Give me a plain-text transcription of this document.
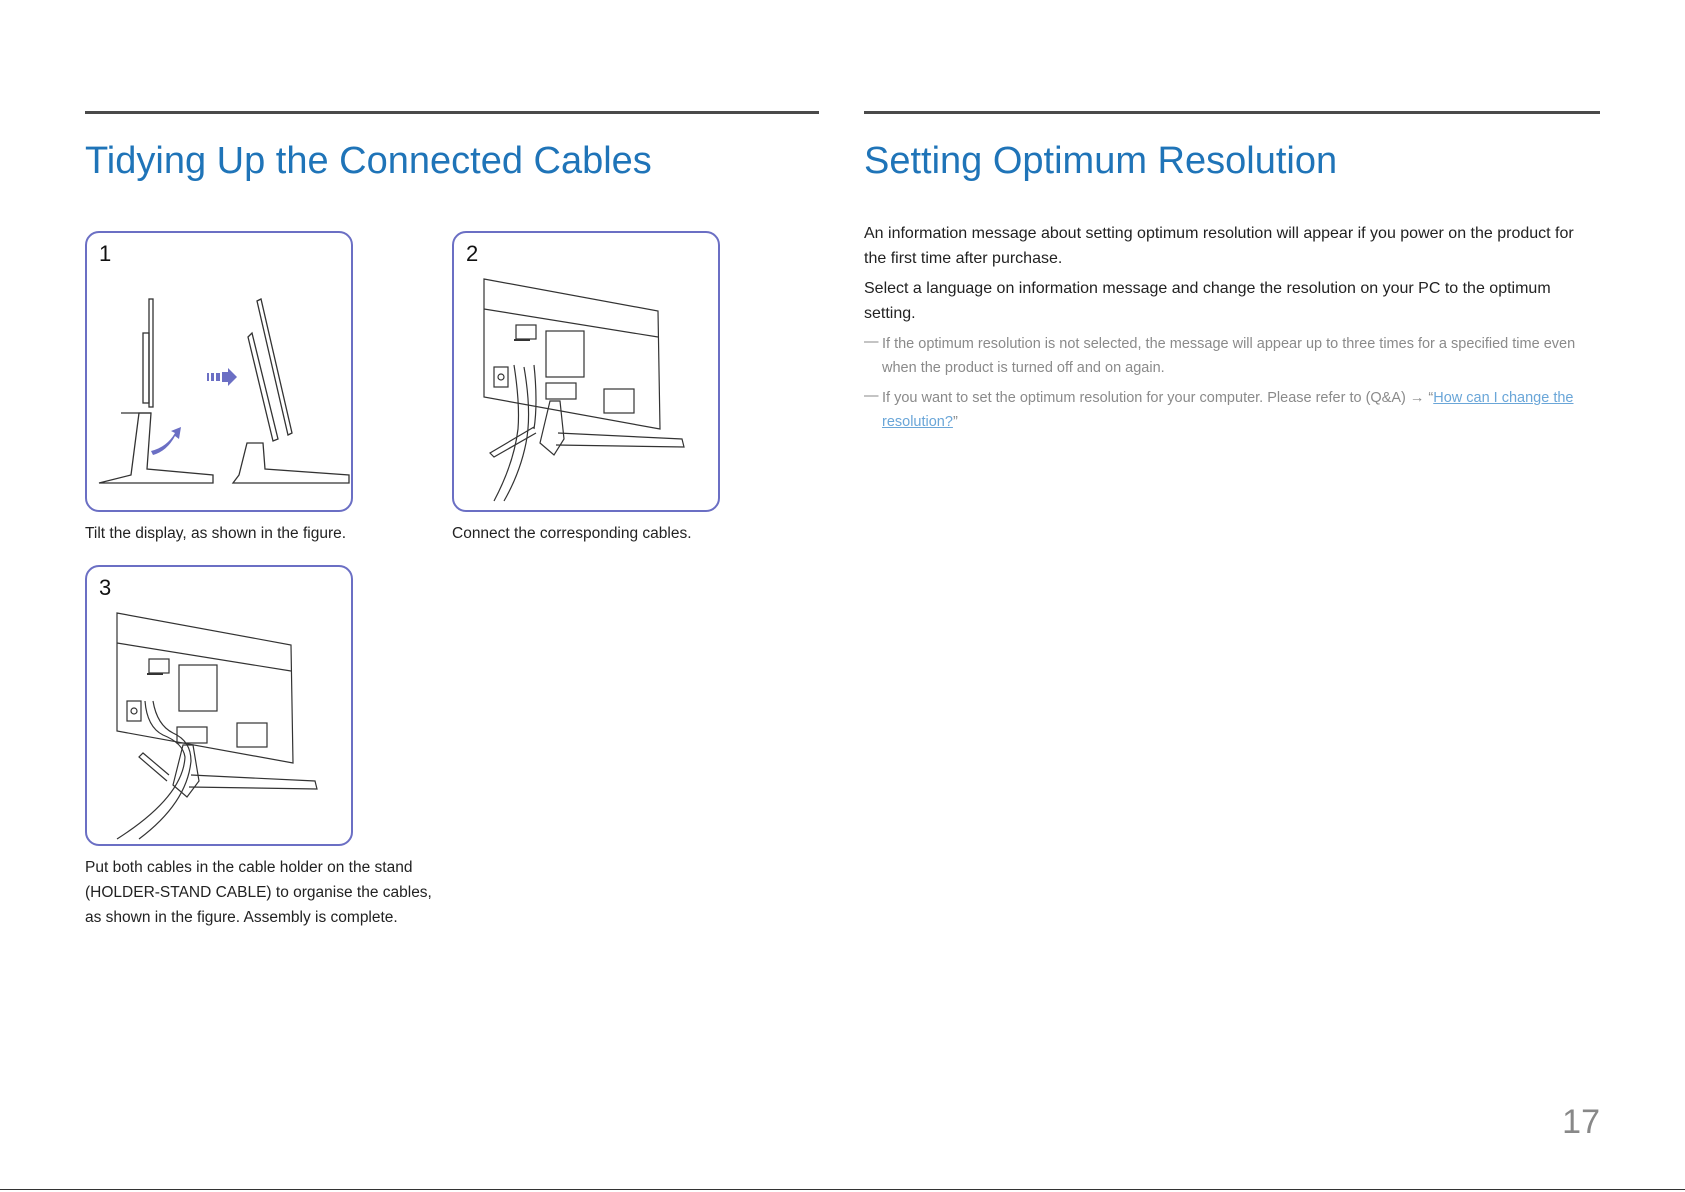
Tidying Up the Connected Cables	Setting Optimum Resolution
1
Tilt the display, as shown in the figure.
2
Connect the corresponding cables.
3
Put both cables in the cable holder on the stand (HOLDER-STAND CABLE) to organise the cables, as shown in the figure. Assembly is complete.

An information message about setting optimum resolution will appear if you power on the product for the first time after purchase.

Select a language on information message and change the resolution on your PC to the optimum setting.

― If the optimum resolution is not selected, the message will appear up to three times for a specified time even when the product is turned off and on again.

― If you want to set the optimum resolution for your computer. Please refer to (Q&A) → “How can I change the resolution?”

17
